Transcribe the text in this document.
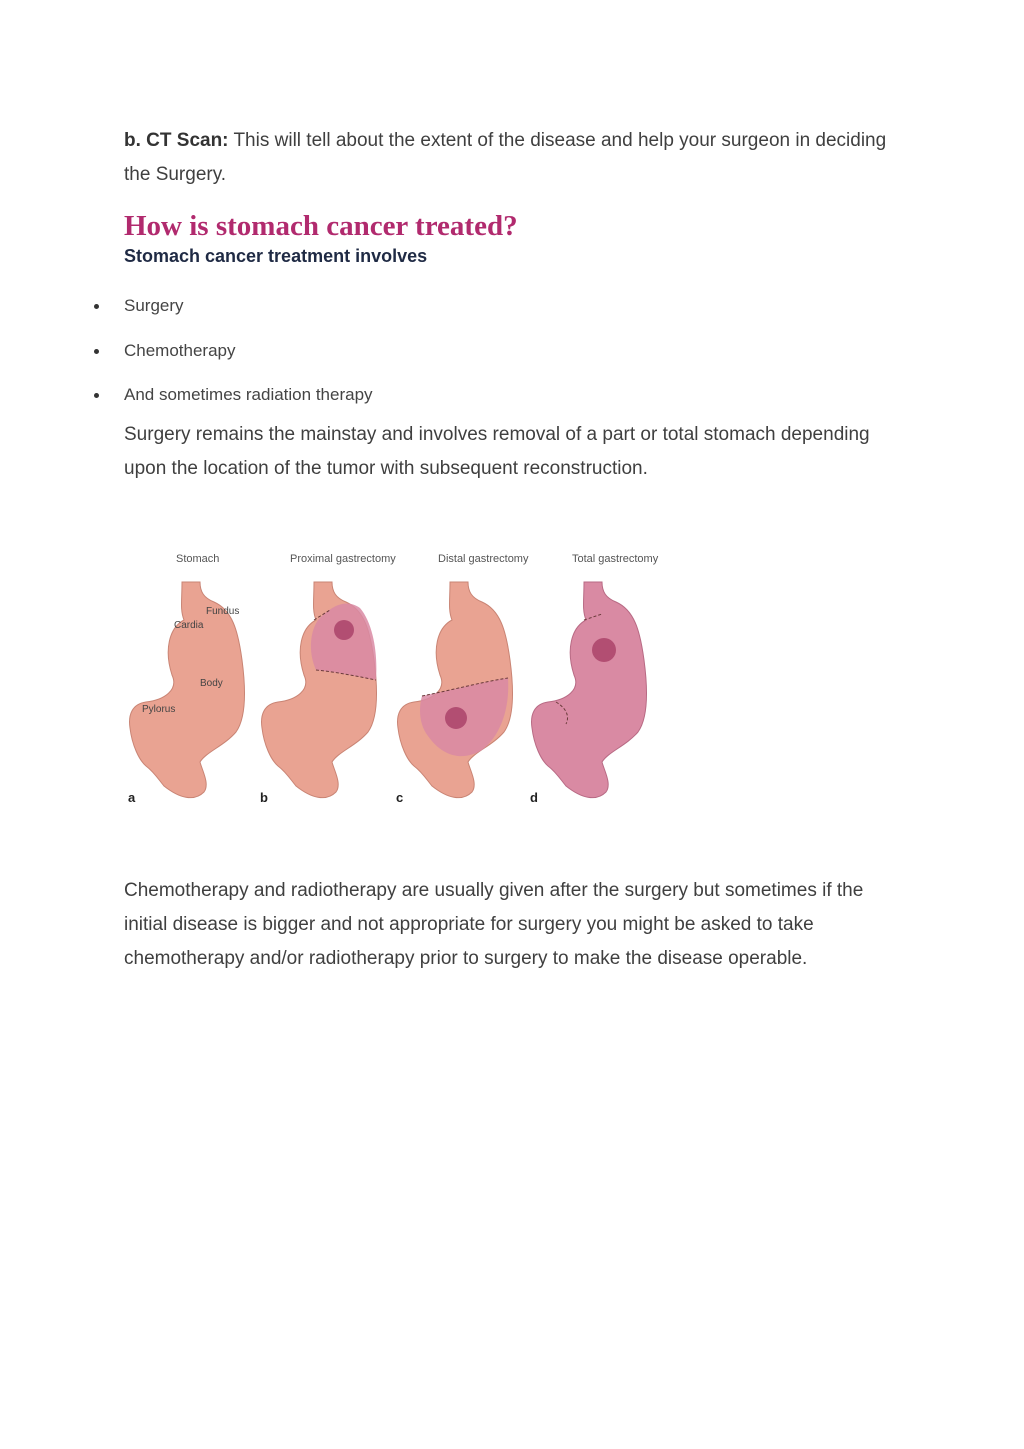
b. CT Scan: This will tell about the extent of the disease and help your surgeon in deciding the Surgery.

How is stomach cancer treated?
Stomach cancer treatment involves
Surgery
Chemotherapy
And sometimes radiation therapy

Surgery remains the mainstay and involves removal of a part or total stomach depending upon the location of the tumor with subsequent reconstruction.

Stomach
Fundus
Cardia
Body
Pylorus
a
Proximal gastrectomy
b
Distal gastrectomy
c
Total gastrectomy
d

Chemotherapy and radiotherapy are usually given after the surgery but sometimes if the initial disease is bigger and not appropriate for surgery you might be asked to take chemotherapy and/or radiotherapy prior to surgery to make the disease operable.
